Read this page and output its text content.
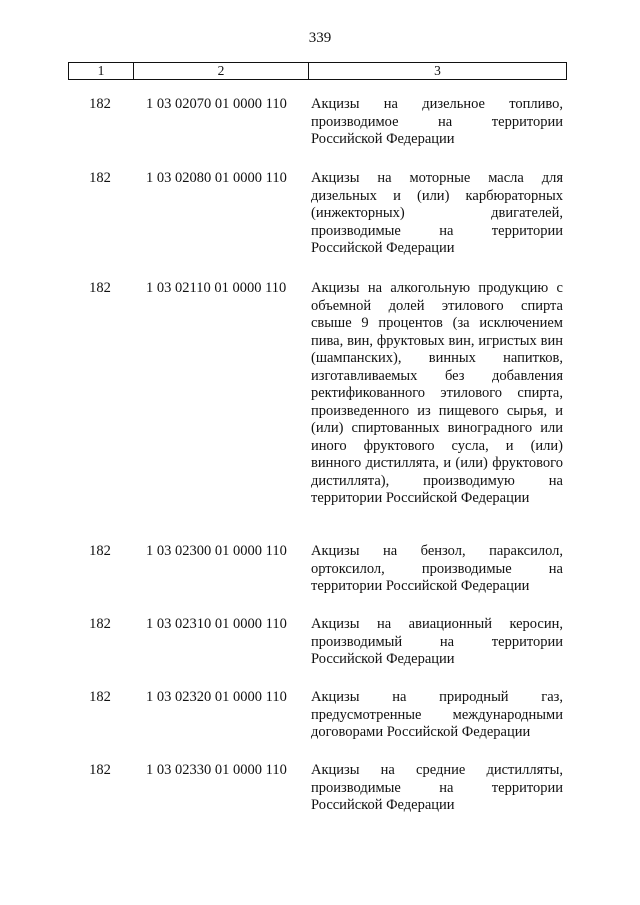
339
1	2	3
182	1 03 02070 01 0000 110	Акцизы на дизельное топливо, производимое на территории Российской Федерации
182	1 03 02080 01 0000 110	Акцизы на моторные масла для дизельных и (или) карбюраторных (инжекторных) двигателей, производимые на территории Российской Федерации
182	1 03 02110 01 0000 110	Акцизы на алкогольную продукцию с объемной долей этилового спирта свыше 9 процентов (за исключением пива, вин, фруктовых вин, игристых вин (шампанских), винных напитков, изготавливаемых без добавления ректификованного этилового спирта, произведенного из пищевого сырья, и (или) спиртованных виноградного или иного фруктового сусла, и (или) винного дистиллята, и (или) фруктового дистиллята), производимую на территории Российской Федерации
182	1 03 02300 01 0000 110	Акцизы на бензол, параксилол, ортоксилол, производимые на территории Российской Федерации
182	1 03 02310 01 0000 110	Акцизы на авиационный керосин, производимый на территории Российской Федерации
182	1 03 02320 01 0000 110	Акцизы на природный газ, предусмотренные международными договорами Российской Федерации
182	1 03 02330 01 0000 110	Акцизы на средние дистилляты, производимые на территории Российской Федерации
